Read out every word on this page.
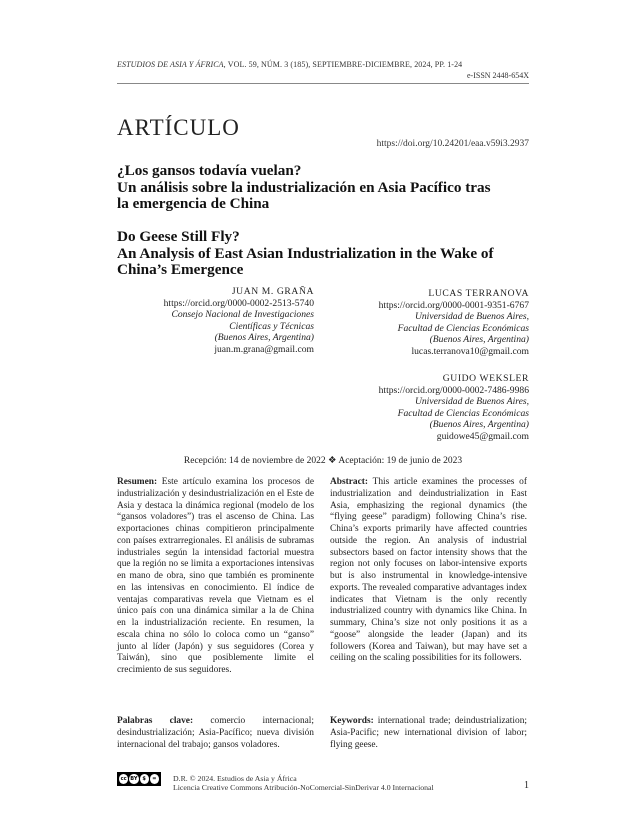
ESTUDIOS DE ASIA Y ÁFRICA, VOL. 59, NÚM. 3 (185), SEPTIEMBRE-DICIEMBRE, 2024, PP. 1-24
e-ISSN 2448-654X
ARTÍCULO
https://doi.org/10.24201/eaa.v59i3.2937
¿Los gansos todavía vuelan?
Un análisis sobre la industrialización en Asia Pacífico tras
la emergencia de China
Do Geese Still Fly?
An Analysis of East Asian Industrialization in the Wake of
China’s Emergence
JUAN M. GRAÑA
https://orcid.org/0000-0002-2513-5740
Consejo Nacional de Investigaciones
Científicas y Técnicas
(Buenos Aires, Argentina)
juan.m.grana@gmail.com
LUCAS TERRANOVA
https://orcid.org/0000-0001-9351-6767
Universidad de Buenos Aires,
Facultad de Ciencias Económicas
(Buenos Aires, Argentina)
lucas.terranova10@gmail.com
GUIDO WEKSLER
https://orcid.org/0000-0002-7486-9986
Universidad de Buenos Aires,
Facultad de Ciencias Económicas
(Buenos Aires, Argentina)
guidowe45@gmail.com
Recepción: 14 de noviembre de 2022 ❖ Aceptación: 19 de junio de 2023
Resumen: Este artículo examina los procesos de industrialización y desindustrialización en el Este de Asia y destaca la dinámica regional (modelo de los “gansos voladores”) tras el ascenso de China. Las exportaciones chinas compitieron principalmente con países extrarregionales. El análisis de subramas industriales según la intensidad factorial muestra que la región no se limita a exportaciones intensivas en mano de obra, sino que también es prominente en las intensivas en conocimiento. El índice de ventajas comparativas revela que Vietnam es el único país con una dinámica similar a la de China en la industrialización reciente. En resumen, la escala china no sólo lo coloca como un “ganso” junto al líder (Japón) y sus seguidores (Corea y Taiwán), sino que posiblemente limite el crecimiento de sus seguidores.
Abstract: This article examines the processes of industrialization and deindustrialization in East Asia, emphasizing the regional dynamics (the “flying geese” paradigm) following China’s rise. China’s exports primarily have affected countries outside the region. An analysis of industrial subsectors based on factor intensity shows that the region not only focuses on labor-intensive exports but is also instrumental in knowledge-intensive exports. The revealed comparative advantages index indicates that Vietnam is the only recently industrialized country with dynamics like China. In summary, China’s size not only positions it as a “goose” alongside the leader (Japan) and its followers (Korea and Taiwan), but may have set a ceiling on the scaling possibilities for its followers.
Palabras clave: comercio internacional; desindustrialización; Asia-Pacífico; nueva división internacional del trabajo; gansos voladores.
Keywords: international trade; deindustrialization; Asia-Pacific; new international division of labor; flying geese.
cc BY $	=	D.R. © 2024. Estudios de Asia y África
Licencia Creative Commons Atribución-NoComercial-SinDerivar 4.0 Internacional	1
